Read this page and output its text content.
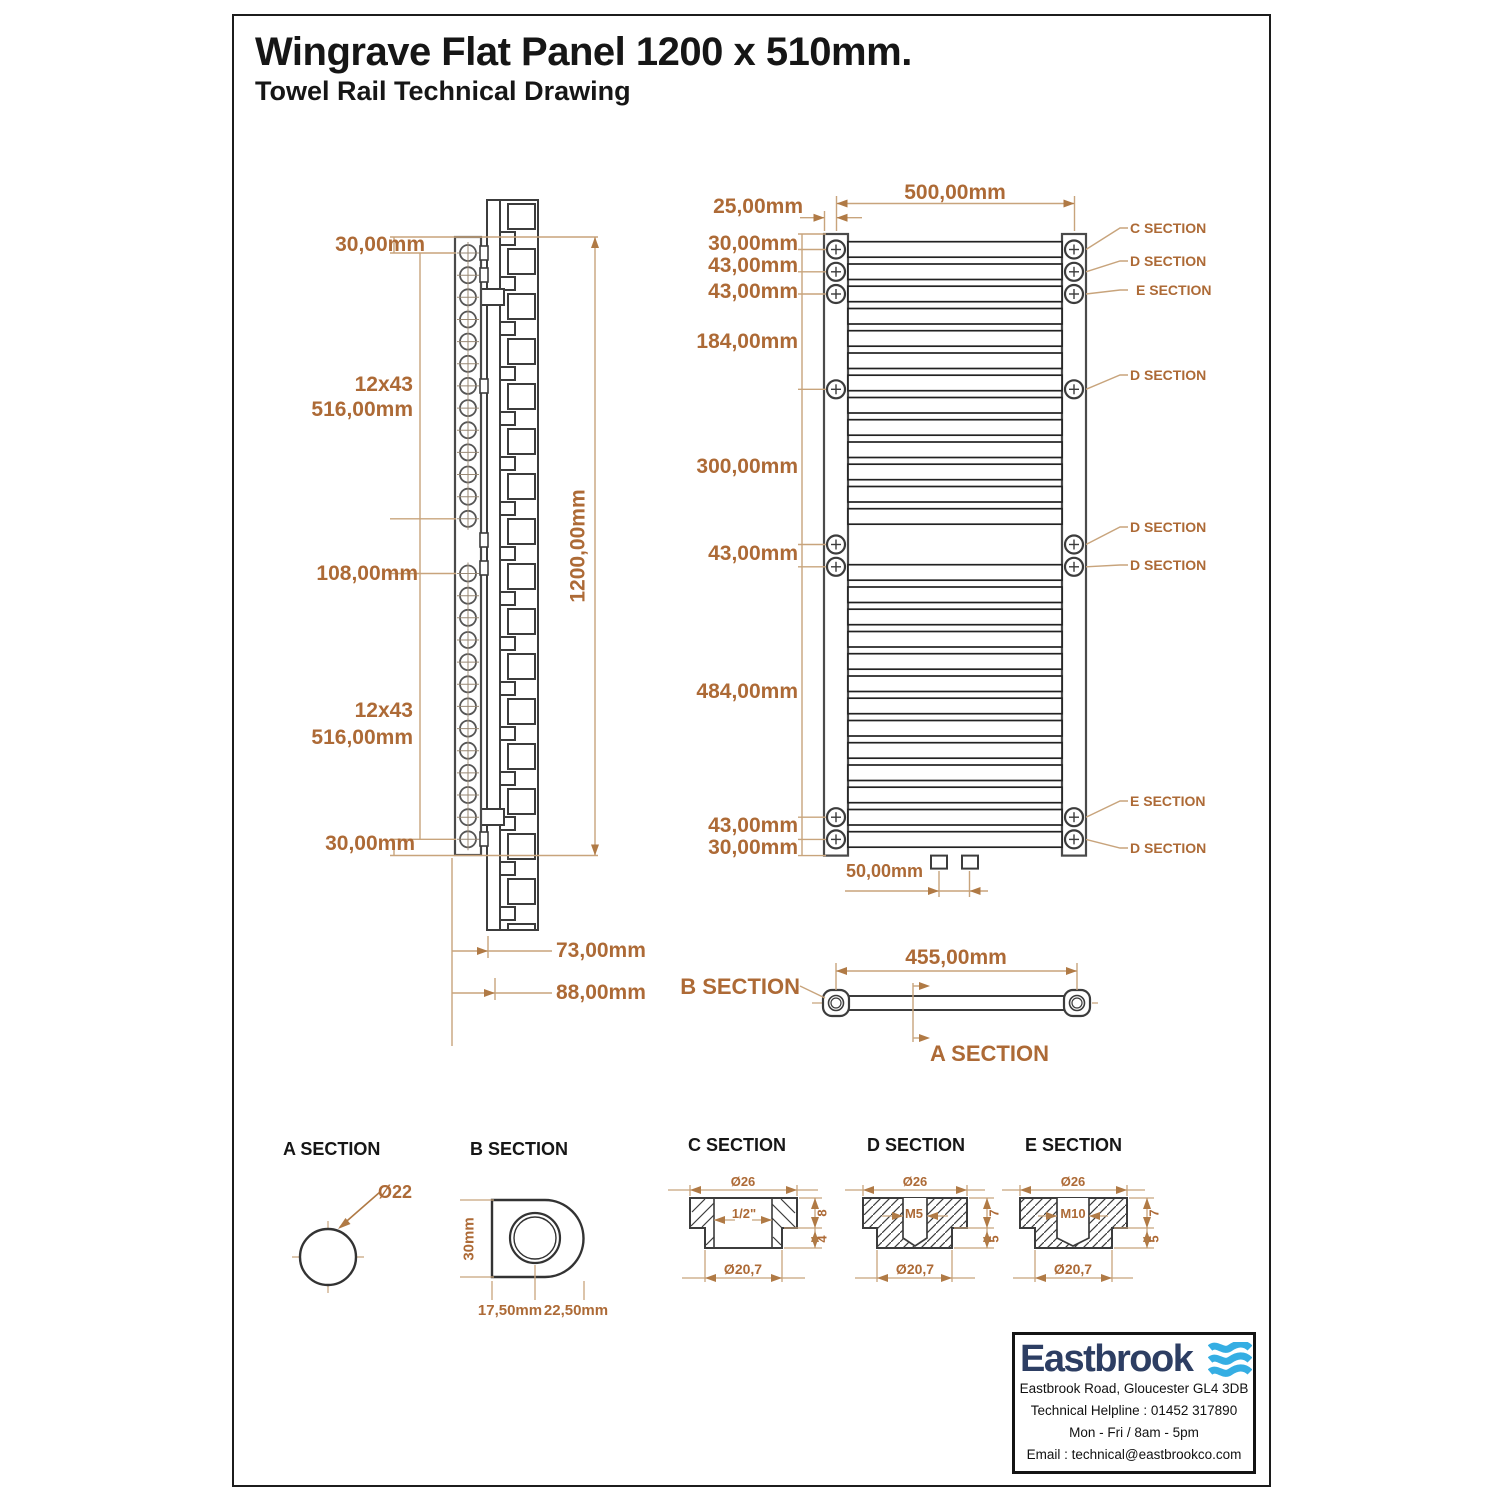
Wingrave Flat Panel 1200 x 510mm.
Towel Rail Technical Drawing
30,00mm
12x43
516,00mm
108,00mm
12x43
516,00mm
30,00mm
1200,00mm
73,00mm
88,00mm
25,00mm
500,00mm
30,00mm
43,00mm
43,00mm
184,00mm
300,00mm
43,00mm
484,00mm
43,00mm
30,00mm
50,00mm
C SECTION
D SECTION
E SECTION
D SECTION
D SECTION
D SECTION
E SECTION
D SECTION
455,00mm
B SECTION
A SECTION
A SECTION	B SECTION	C SECTION	D SECTION	E SECTION
Ø22
30mm
17,50mm 22,50mm
Ø26
1/2"
Ø20,7
8
4
Ø26
M5
Ø20,7
7
5
Ø26
M10
Ø20,7
7
5
Eastbrook
Eastbrook Road, Gloucester GL4 3DB
Technical Helpline : 01452 317890
Mon - Fri / 8am - 5pm
Email : technical@eastbrookco.com
